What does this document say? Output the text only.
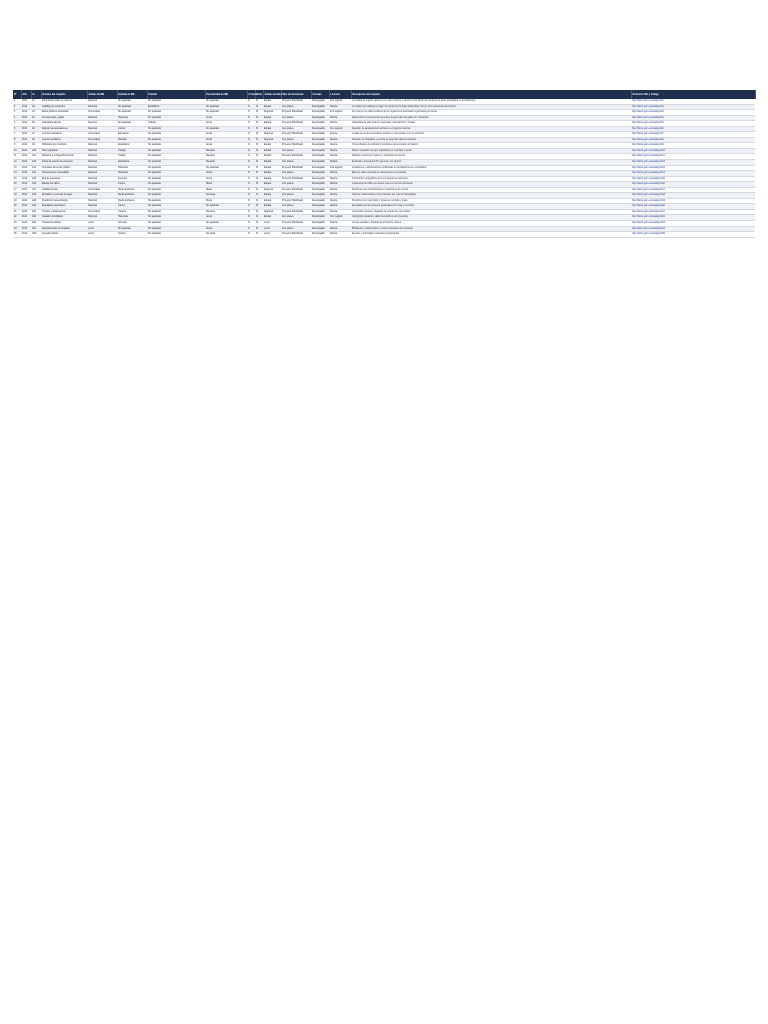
Nº	Año	Id	Nombre del conjunto	Ámbito de INE	Entidad de INE	Entidad	Periodicidad de INE	Criterio	Nivel	Ámbito de Datos	Tipo de documento	Formato	Licencia	Descripción del conjunto	Dirección URL y Código
1	2014	A1	Información sobre el conjunto	Nacional	Sin apartado	Sin apartado	Sin apartado	N	Si	Estatal	Proyecto Planificado	Descargable	Con registro	Los datos de registro aparecen en este conjunto y aportan información del conjunto de datos publicados en la plataforma	http://datos.gob.es/catalogo/A1
2	2014	A2	Catálogo de conjuntos	Nacional	Sin apartado	Estadística	Sin apartado	N	Si	Estatal	Con planes	Descargable	Abierta	Los datos del catálogo recogen los conjuntos de datos disponibles con su correspondiente descripción	http://datos.gob.es/catalogo/A2
3	2014	A3	Datos públicos del Estado	Comunidad	Sin apartado	Sin apartado	Sin apartado	N	Si	Regional	Proyecto Planificado	Descargable	Con registro	Se incluyen los datos públicos de los organismos del Estado organizados por áreas	http://datos.gob.es/catalogo/A3
4	2014	A4	Presupuestos y gasto	Nacional	Hacienda	Sin apartado	Anual	N	Si	Estatal	Con planes	Descargable	Abierta	Datos sobre el presupuesto general y la ejecución del gasto por ministerios	http://datos.gob.es/catalogo/A4
5	2014	A5	Calendario laboral	Nacional	Sin apartado	Trabajo	Anual	N	Si	Estatal	Proyecto Planificado	Descargable	Abierta	Calendario de días festivos nacionales, autonómicos y locales	http://datos.gob.es/catalogo/A5
6	2014	A6	Registro de asociaciones	Nacional	Interior	Sin apartado	Sin apartado	N	Si	Estatal	Con planes	Descargable	Con registro	Relación de asociaciones inscritas en el registro nacional	http://datos.gob.es/catalogo/A6
7	2014	A7	Centros educativos	Comunidad	Educación	Sin apartado	Anual	N	Si	Regional	Proyecto Planificado	Descargable	Abierta	Listado de centros educativos públicos y concertados con su ubicación	http://datos.gob.es/catalogo/A7
8	2014	A8	Centros sanitarios	Comunidad	Sanidad	Sin apartado	Anual	N	Si	Regional	Con planes	Descargable	Abierta	Relación de hospitales y centros de salud del sistema nacional	http://datos.gob.es/catalogo/A8
9	2014	A9	Población por municipio	Nacional	Estadística	Sin apartado	Anual	N	Si	Estatal	Proyecto Planificado	Descargable	Abierta	Cifras oficiales de población resultantes de la revisión del padrón	http://datos.gob.es/catalogo/A9
10	2014	A10	Paro registrado	Nacional	Trabajo	Sin apartado	Mensual	N	Si	Estatal	Con planes	Descargable	Abierta	Datos mensuales de paro registrado por municipio y sector	http://datos.gob.es/catalogo/A10
11	2014	A11	Afiliación a la Seguridad Social	Nacional	Trabajo	Sin apartado	Mensual	N	Si	Estatal	Proyecto Planificado	Descargable	Abierta	Afiliados medios por régimen y actividad económica	http://datos.gob.es/catalogo/A11
12	2014	A12	Índice de precios de consumo	Nacional	Estadística	Sin apartado	Mensual	N	Si	Estatal	Con planes	Descargable	Abierta	Evolución mensual del IPC general y por grupos	http://datos.gob.es/catalogo/A12
13	2014	A13	Contratos del sector público	Nacional	Hacienda	Sin apartado	Sin apartado	N	Si	Estatal	Proyecto Planificado	Descargable	Con registro	Licitaciones y adjudicaciones publicadas en la plataforma de contratación	http://datos.gob.es/catalogo/A13
14	2014	A14	Subvenciones concedidas	Nacional	Hacienda	Sin apartado	Anual	N	Si	Estatal	Con planes	Descargable	Abierta	Base de datos nacional de subvenciones concedidas	http://datos.gob.es/catalogo/A14
15	2014	A15	Red de carreteras	Nacional	Fomento	Sin apartado	Anual	N	Si	Estatal	Proyecto Planificado	Descargable	Abierta	Información cartográfica de la red estatal de carreteras	http://datos.gob.es/catalogo/A15
16	2014	A16	Estado del tráfico	Nacional	Interior	Sin apartado	Diaria	N	Si	Estatal	Con planes	Descargable	Abierta	Incidencias de tráfico en tiempo real en la red de carreteras	http://datos.gob.es/catalogo/A16
17	2014	A17	Calidad del aire	Comunidad	Medio ambiente	Sin apartado	Diaria	N	Si	Regional	Proyecto Planificado	Descargable	Abierta	Mediciones de contaminantes en estaciones de control	http://datos.gob.es/catalogo/A17
18	2014	A18	Embalses y reservas de agua	Nacional	Medio ambiente	Sin apartado	Semanal	N	Si	Estatal	Con planes	Descargable	Abierta	Volumen almacenado en los embalses por cuenca hidrográfica	http://datos.gob.es/catalogo/A18
19	2014	A19	Predicción meteorológica	Nacional	Medio ambiente	Sin apartado	Diaria	N	Si	Estatal	Proyecto Planificado	Descargable	Abierta	Predicción por municipios y zonas de montaña y costa	http://datos.gob.es/catalogo/A19
20	2014	A20	Resultados electorales	Nacional	Interior	Sin apartado	Sin apartado	N	Si	Estatal	Con planes	Descargable	Abierta	Resultados de los procesos electorales por mesa y municipio	http://datos.gob.es/catalogo/A20
21	2014	A21	Turismo y alojamientos	Comunidad	Turismo	Sin apartado	Mensual	N	Si	Regional	Proyecto Planificado	Descargable	Abierta	Ocupación hotelera y llegadas de turistas por comunidad	http://datos.gob.es/catalogo/A21
22	2014	A22	Catastro inmobiliario	Nacional	Hacienda	Sin apartado	Anual	N	Si	Estatal	Con planes	Descargable	Con registro	Cartografía catastral y datos descriptivos de inmuebles	http://datos.gob.es/catalogo/A22
23	2014	A23	Transporte público	Local	Fomento	Sin apartado	Sin apartado	N	Si	Local	Proyecto Planificado	Descargable	Abierta	Líneas, paradas y horarios de transporte urbano	http://datos.gob.es/catalogo/A23
24	2014	A24	Equipamientos municipales	Local	Sin apartado	Sin apartado	Anual	N	Si	Local	Con planes	Descargable	Abierta	Bibliotecas, polideportivos y centros culturales del municipio	http://datos.gob.es/catalogo/A24
25	2014	A25	Agenda cultural	Local	Cultura	Sin apartado	Semanal	N	Si	Local	Proyecto Planificado	Descargable	Abierta	Eventos y actividades culturales programadas	http://datos.gob.es/catalogo/A25
